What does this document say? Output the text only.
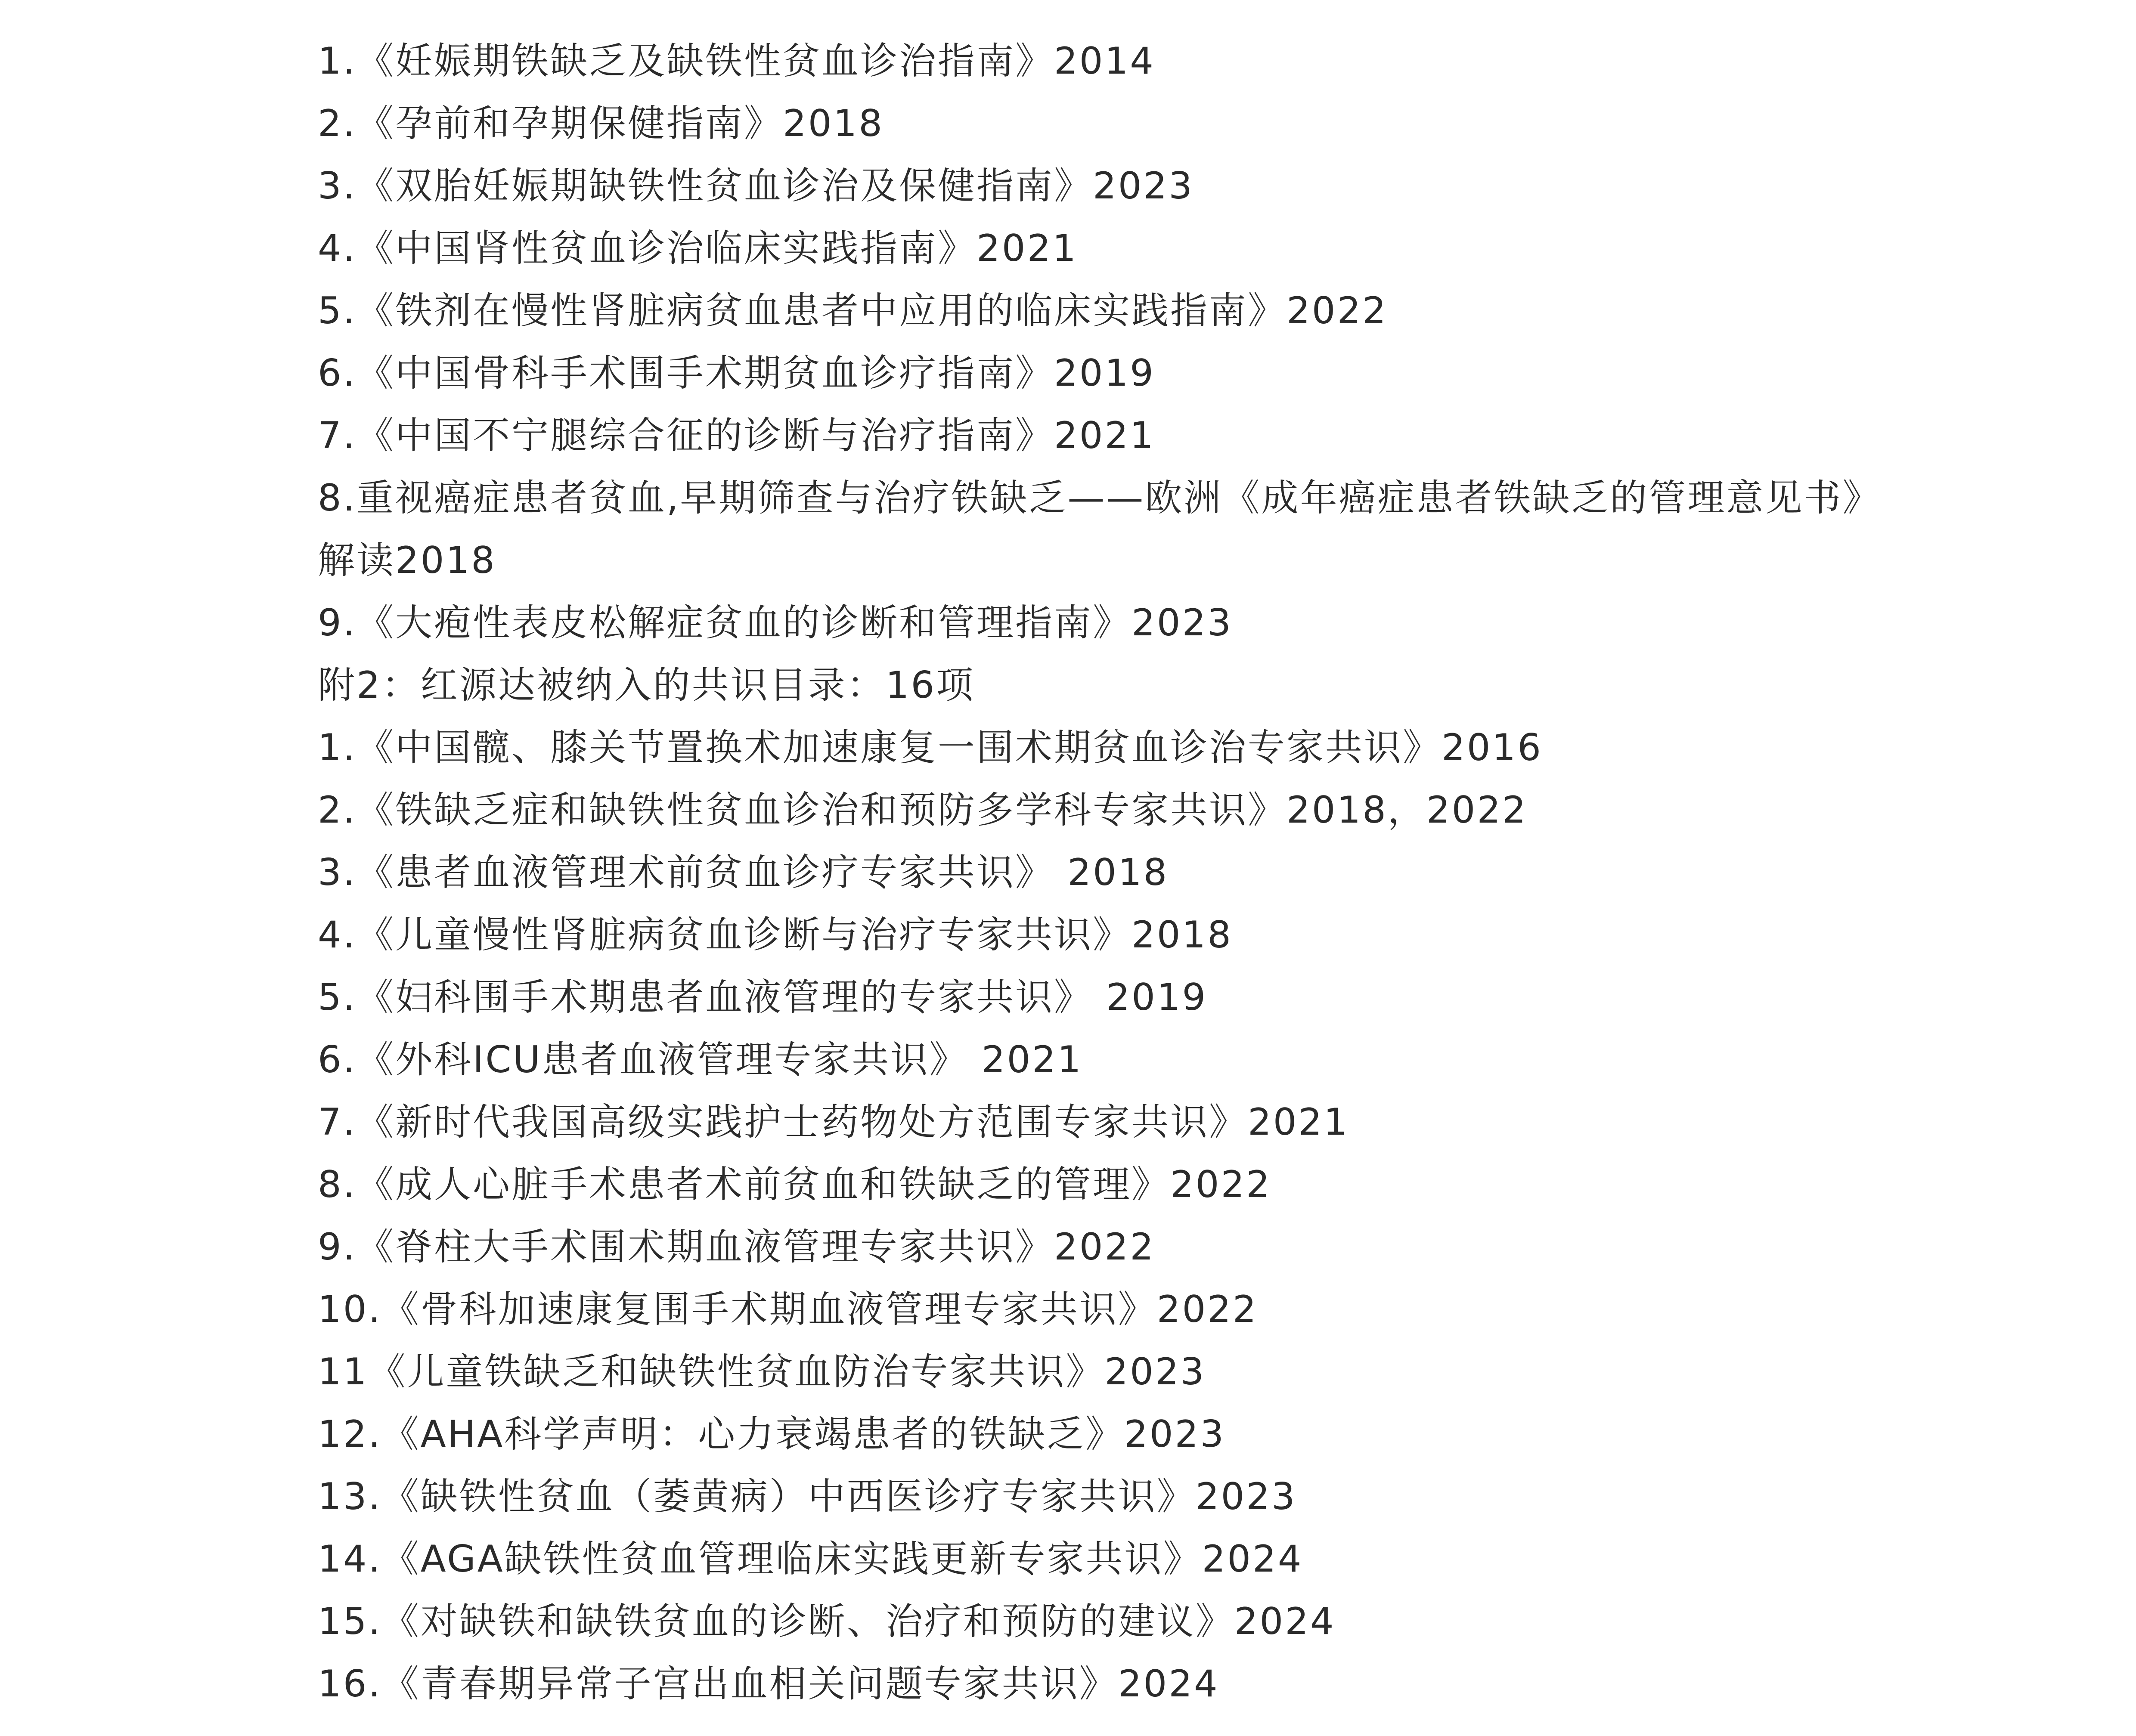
1.《妊娠期铁缺乏及缺铁性贫血诊治指南》2014
2.《孕前和孕期保健指南》2018
3.《双胎妊娠期缺铁性贫血诊治及保健指南》2023
4.《中国肾性贫血诊治临床实践指南》2021
5.《铁剂在慢性肾脏病贫血患者中应用的临床实践指南》2022
6.《中国骨科手术围手术期贫血诊疗指南》2019
7.《中国不宁腿综合征的诊断与治疗指南》2021
8.重视癌症患者贫血,早期筛查与治疗铁缺乏——欧洲《成年癌症患者铁缺乏的管理意见书》解读2018
9.《大疱性表皮松解症贫血的诊断和管理指南》2023
附2：红源达被纳入的共识目录：16项
1.《中国髋、膝关节置换术加速康复一围术期贫血诊治专家共识》2016
2.《铁缺乏症和缺铁性贫血诊治和预防多学科专家共识》2018，2022
3.《患者血液管理术前贫血诊疗专家共识》 2018
4.《儿童慢性肾脏病贫血诊断与治疗专家共识》2018
5.《妇科围手术期患者血液管理的专家共识》 2019
6.《外科ICU患者血液管理专家共识》 2021
7.《新时代我国高级实践护士药物处方范围专家共识》2021
8.《成人心脏手术患者术前贫血和铁缺乏的管理》2022
9.《脊柱大手术围术期血液管理专家共识》2022
10.《骨科加速康复围手术期血液管理专家共识》2022
11《儿童铁缺乏和缺铁性贫血防治专家共识》2023
12.《AHA科学声明：心力衰竭患者的铁缺乏》2023
13.《缺铁性贫血（萎黄病）中西医诊疗专家共识》2023
14.《AGA缺铁性贫血管理临床实践更新专家共识》2024
15.《对缺铁和缺铁贫血的诊断、治疗和预防的建议》2024
16.《青春期异常子宫出血相关问题专家共识》2024
